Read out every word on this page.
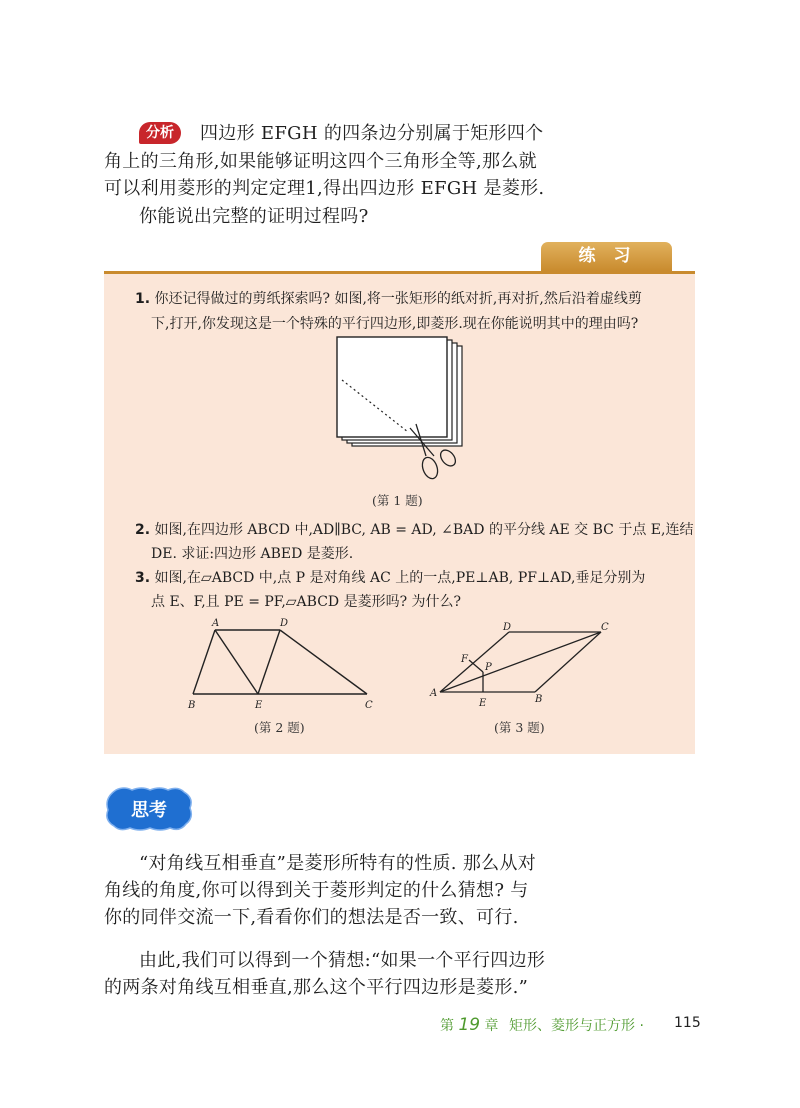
分析	四边形 EFGH 的四条边分别属于矩形四个
角上的三角形,如果能够证明这四个三角形全等,那么就
可以利用菱形的判定定理1,得出四边形 EFGH 是菱形.
你能说出完整的证明过程吗?
练习
1. 你还记得做过的剪纸探索吗? 如图,将一张矩形的纸对折,再对折,然后沿着虚线剪
下,打开,你发现这是一个特殊的平行四边形,即菱形.现在你能说明其中的理由吗?
(第 1 题)
2. 如图,在四边形 ABCD 中,AD∥BC, AB = AD, ∠BAD 的平分线 AE 交 BC 于点 E,连结
DE. 求证:四边形 ABED 是菱形.
3. 如图,在▱ABCD 中,点 P 是对角线 AC 上的一点,PE⊥AB, PF⊥AD,垂足分别为
点 E、F,且 PE = PF,▱ABCD 是菱形吗? 为什么?
A	D
B	E	C
(第 2 题)
D	C
F
P
A
E	B
(第 3 题)
思考
“对角线互相垂直”是菱形所特有的性质. 那么从对
角线的角度,你可以得到关于菱形判定的什么猜想? 与
你的同伴交流一下,看看你们的想法是否一致、可行.
由此,我们可以得到一个猜想:“如果一个平行四边形
的两条对角线互相垂直,那么这个平行四边形是菱形.”
第 19 章 矩形、菱形与正方形 · 115
